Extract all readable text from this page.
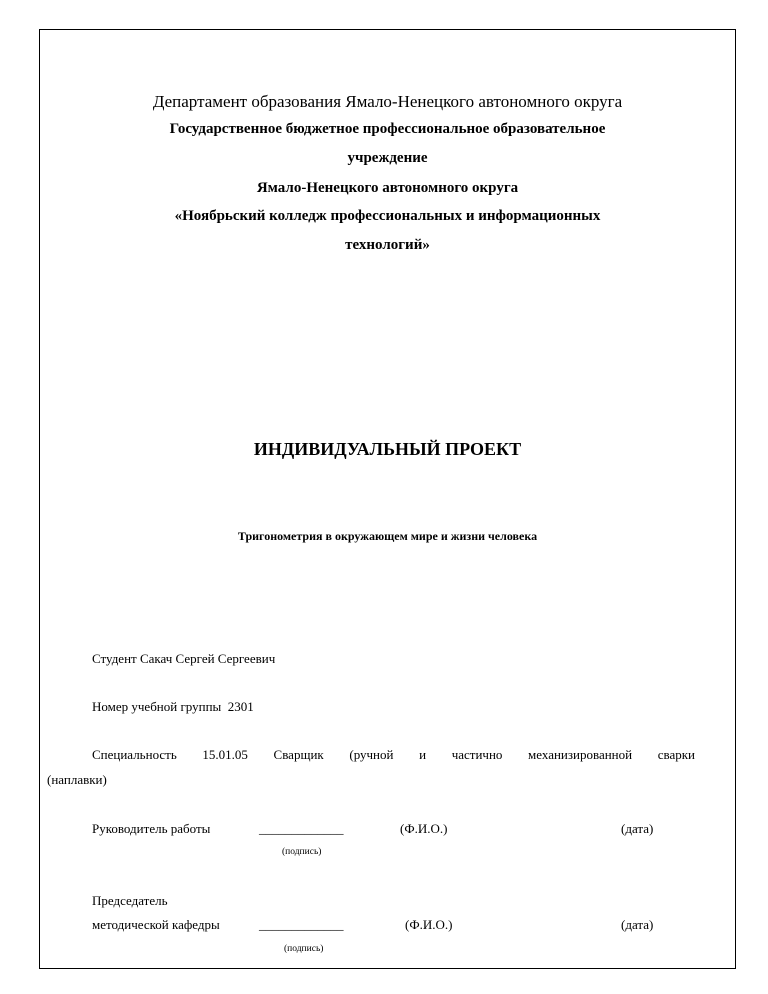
Департамент образования Ямало-Ненецкого автономного округа
Государственное бюджетное профессиональное образовательное
учреждение
Ямало-Ненецкого автономного округа
«Ноябрьский колледж профессиональных и информационных
технологий»
ИНДИВИДУАЛЬНЫЙ ПРОЕКТ
Тригонометрия в окружающем мире и жизни человека
Студент Сакач Сергей Сергеевич
Номер учебной группы 2301
Специальность 15.01.05 Сварщик (ручной и частично механизированной сварки
(наплавки)
Руководитель работы	_____________	(Ф.И.О.)	(дата)
(подпись)
Председатель
методической кафедры	_____________	(Ф.И.О.)	(дата)
(подпись)
